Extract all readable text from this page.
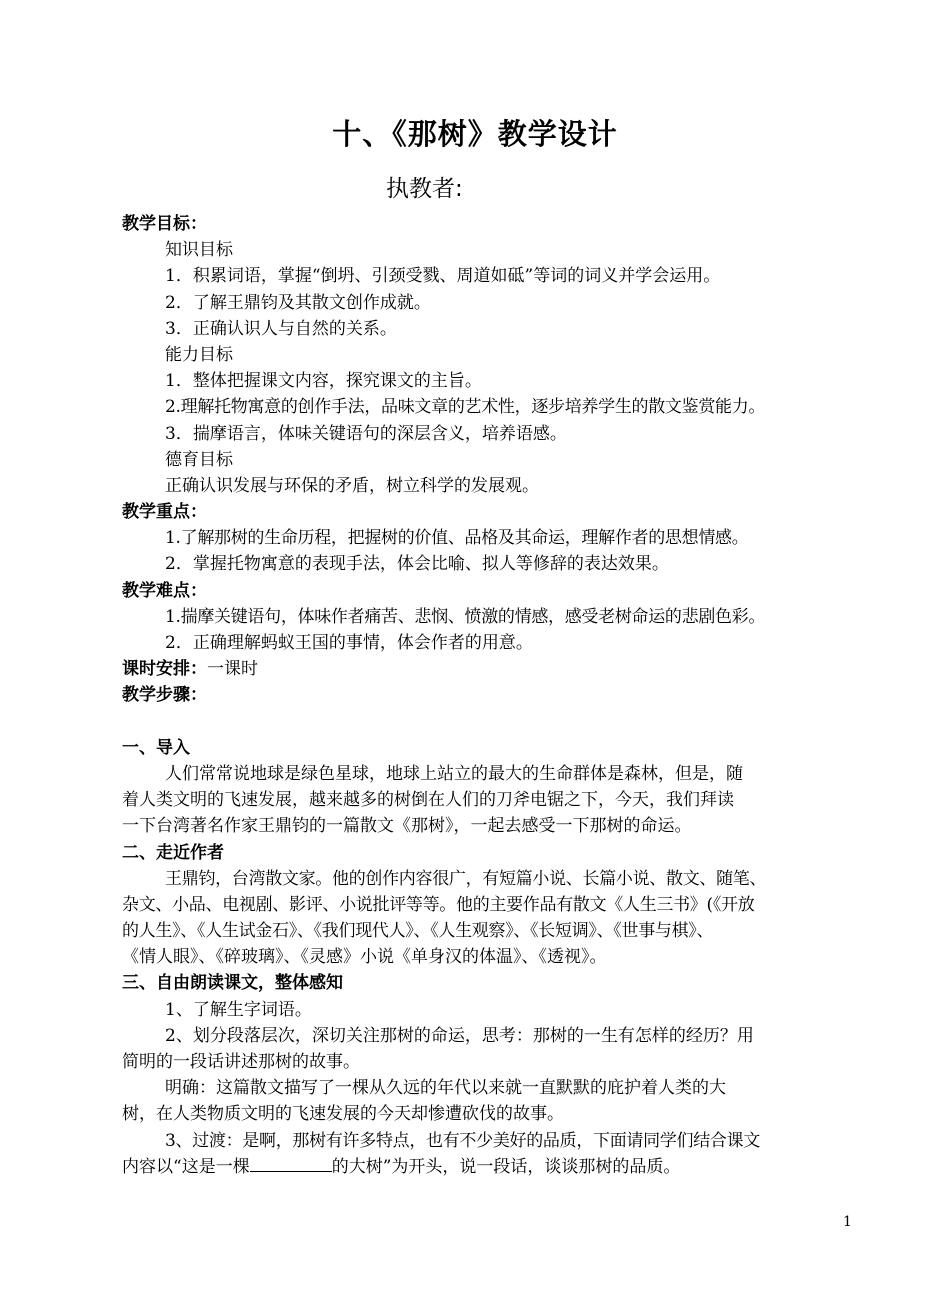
十、《那树》教学设计
执教者:
教学目标：
知识目标
1．积累词语，掌握“倒坍、引颈受戮、周道如砥”等词的词义并学会运用。
2．了解王鼎钧及其散文创作成就。
3．正确认识人与自然的关系。
能力目标
1．整体把握课文内容，探究课文的主旨。
2.理解托物寓意的创作手法，品味文章的艺术性，逐步培养学生的散文鉴赏能力。
3．揣摩语言，体味关键语句的深层含义，培养语感。
德育目标
正确认识发展与环保的矛盾，树立科学的发展观。
教学重点：
1.了解那树的生命历程，把握树的价值、品格及其命运，理解作者的思想情感。
2．掌握托物寓意的表现手法，体会比喻、拟人等修辞的表达效果。
教学难点：
1.揣摩关键语句，体味作者痛苦、悲悯、愤激的情感，感受老树命运的悲剧色彩。
2．正确理解蚂蚁王国的事情，体会作者的用意。
课时安排：一课时
教学步骤：
一、导入
人们常常说地球是绿色星球，地球上站立的最大的生命群体是森林，但是，随
着人类文明的飞速发展，越来越多的树倒在人们的刀斧电锯之下，今天，我们拜读
一下台湾著名作家王鼎钧的一篇散文《那树》，一起去感受一下那树的命运。
二、走近作者
王鼎钧，台湾散文家。他的创作内容很广，有短篇小说、长篇小说、散文、随笔、
杂文、小品、电视剧、影评、小说批评等等。他的主要作品有散文《人生三书》(《开放
的人生》、《人生试金石》、《我们现代人》、《人生观察》、《长短调》、《世事与棋》、
《情人眼》、《碎玻璃》、《灵感》小说《单身汉的体温》、《透视》。
三、自由朗读课文，整体感知
1、了解生字词语。
2、划分段落层次，深切关注那树的命运，思考：那树的一生有怎样的经历？用
简明的一段话讲述那树的故事。
明确：这篇散文描写了一棵从久远的年代以来就一直默默的庇护着人类的大
树，在人类物质文明的飞速发展的今天却惨遭砍伐的故事。
3、过渡：是啊，那树有许多特点，也有不少美好的品质，下面请同学们结合课文
内容以“这是一棵	的大树”为开头，说一段话，谈谈那树的品质。
1
